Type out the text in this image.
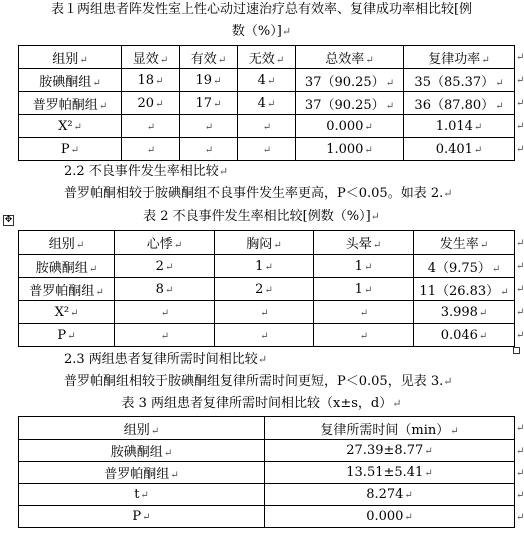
表１两组患者阵发性室上性心动过速治疗总有效率、复律成功率相比较[例
数（%）]↵
组别↵	显效↵	有效↵	无效↵	总效率↵	复律功率↵
胺碘酮组↵	18↵	19↵	4↵	37（90.25）↵	35（85.37）↵
普罗帕酮组↵	20↵	17↵	4↵	37（90.25）↵	36（87.80）↵
X²↵	↵	↵	↵	0.000↵	1.014↵
P↵	↵	↵	↵	1.000↵	0.401↵
2.2 不良事件发生率相比较↵
普罗帕酮相较于胺碘酮组不良事件发生率更高，P＜0.05。如表 2.↵
✥	表 2 不良事件发生率相比较[例数（%）]↵
组别↵	心悸↵	胸闷↵	头晕↵	发生率↵
胺碘酮组↵	2↵	1↵	1↵	4（9.75）↵
普罗帕酮组↵	8↵	2↵	1↵	11（26.83）↵
X²↵	↵	↵	↵	3.998↵
P↵	↵	↵	↵	0.046↵
2.3 两组患者复律所需时间相比较↵
普罗帕酮组相较于胺碘酮组复律所需时间更短，P＜0.05，见表 3.↵
表 3 两组患者复律所需时间相比较（x±s，d）↵
组别↵	复律所需时间（min）↵
胺碘酮组↵	27.39±8.77↵
普罗帕酮组↵	13.51±5.41↵
t↵	8.274↵
P↵	0.000↵
↵
↵
↵
↵
↵
↵
↵
↵
↵
↵
↵
↵
↵
↵
↵
